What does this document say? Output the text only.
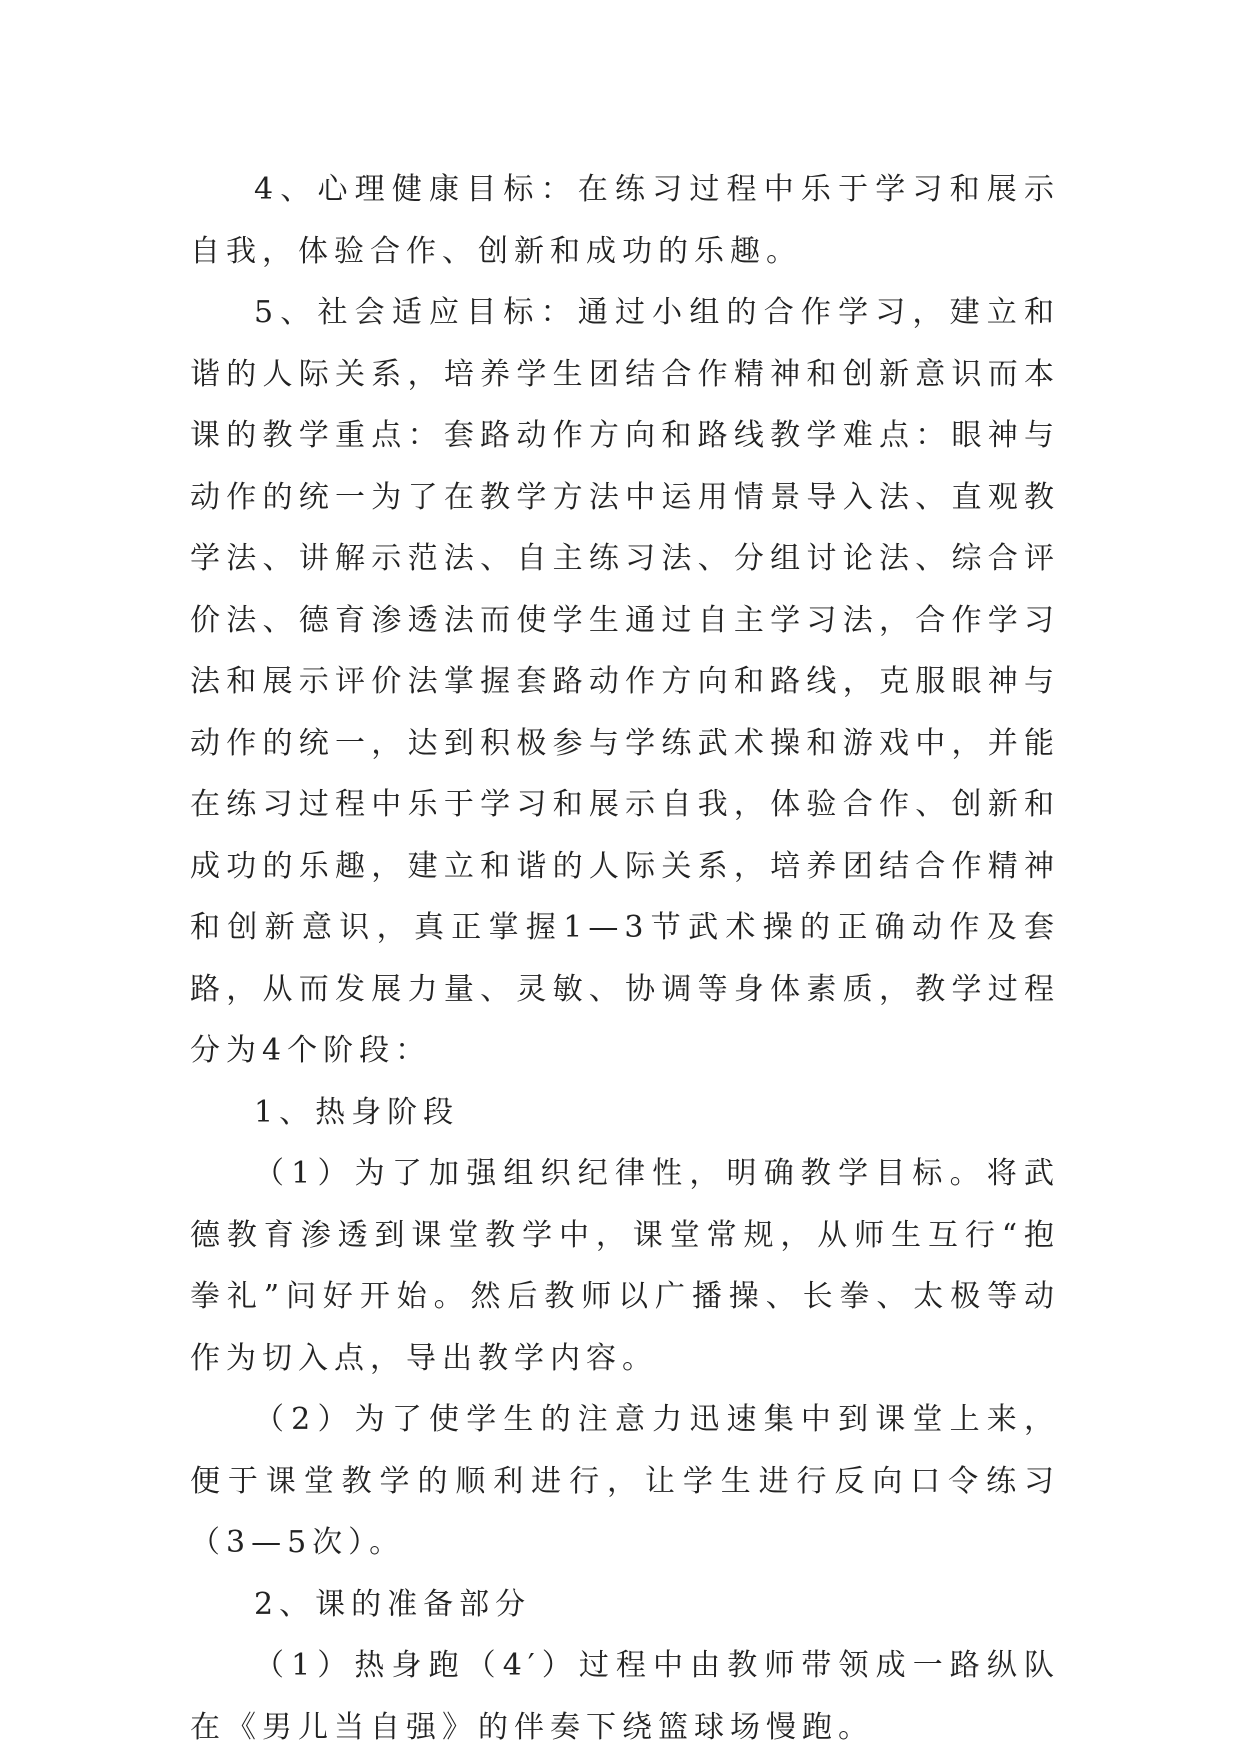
4、心理健康目标：在练习过程中乐于学习和展示自我，体验合作、创新和成功的乐趣。

5、社会适应目标：通过小组的合作学习，建立和谐的人际关系，培养学生团结合作精神和创新意识而本课的教学重点：套路动作方向和路线教学难点：眼神与动作的统一为了在教学方法中运用情景导入法、直观教学法、讲解示范法、自主练习法、分组讨论法、综合评价法、德育渗透法而使学生通过自主学习法，合作学习法和展示评价法掌握套路动作方向和路线，克服眼神与动作的统一，达到积极参与学练武术操和游戏中，并能在练习过程中乐于学习和展示自我，体验合作、创新和成功的乐趣，建立和谐的人际关系，培养团结合作精神和创新意识，真正掌握1—3节武术操的正确动作及套路，从而发展力量、灵敏、协调等身体素质，教学过程分为4个阶段：

1、热身阶段

（1）为了加强组织纪律性，明确教学目标。将武德教育渗透到课堂教学中，课堂常规，从师生互行“抱拳礼”问好开始。然后教师以广播操、长拳、太极等动作为切入点，导出教学内容。

（2）为了使学生的注意力迅速集中到课堂上来，便于课堂教学的顺利进行，让学生进行反向口令练习（3—5次）。

2、课的准备部分

（1）热身跑（4′）过程中由教师带领成一路纵队在《男儿当自强》的伴奏下绕篮球场慢跑。
